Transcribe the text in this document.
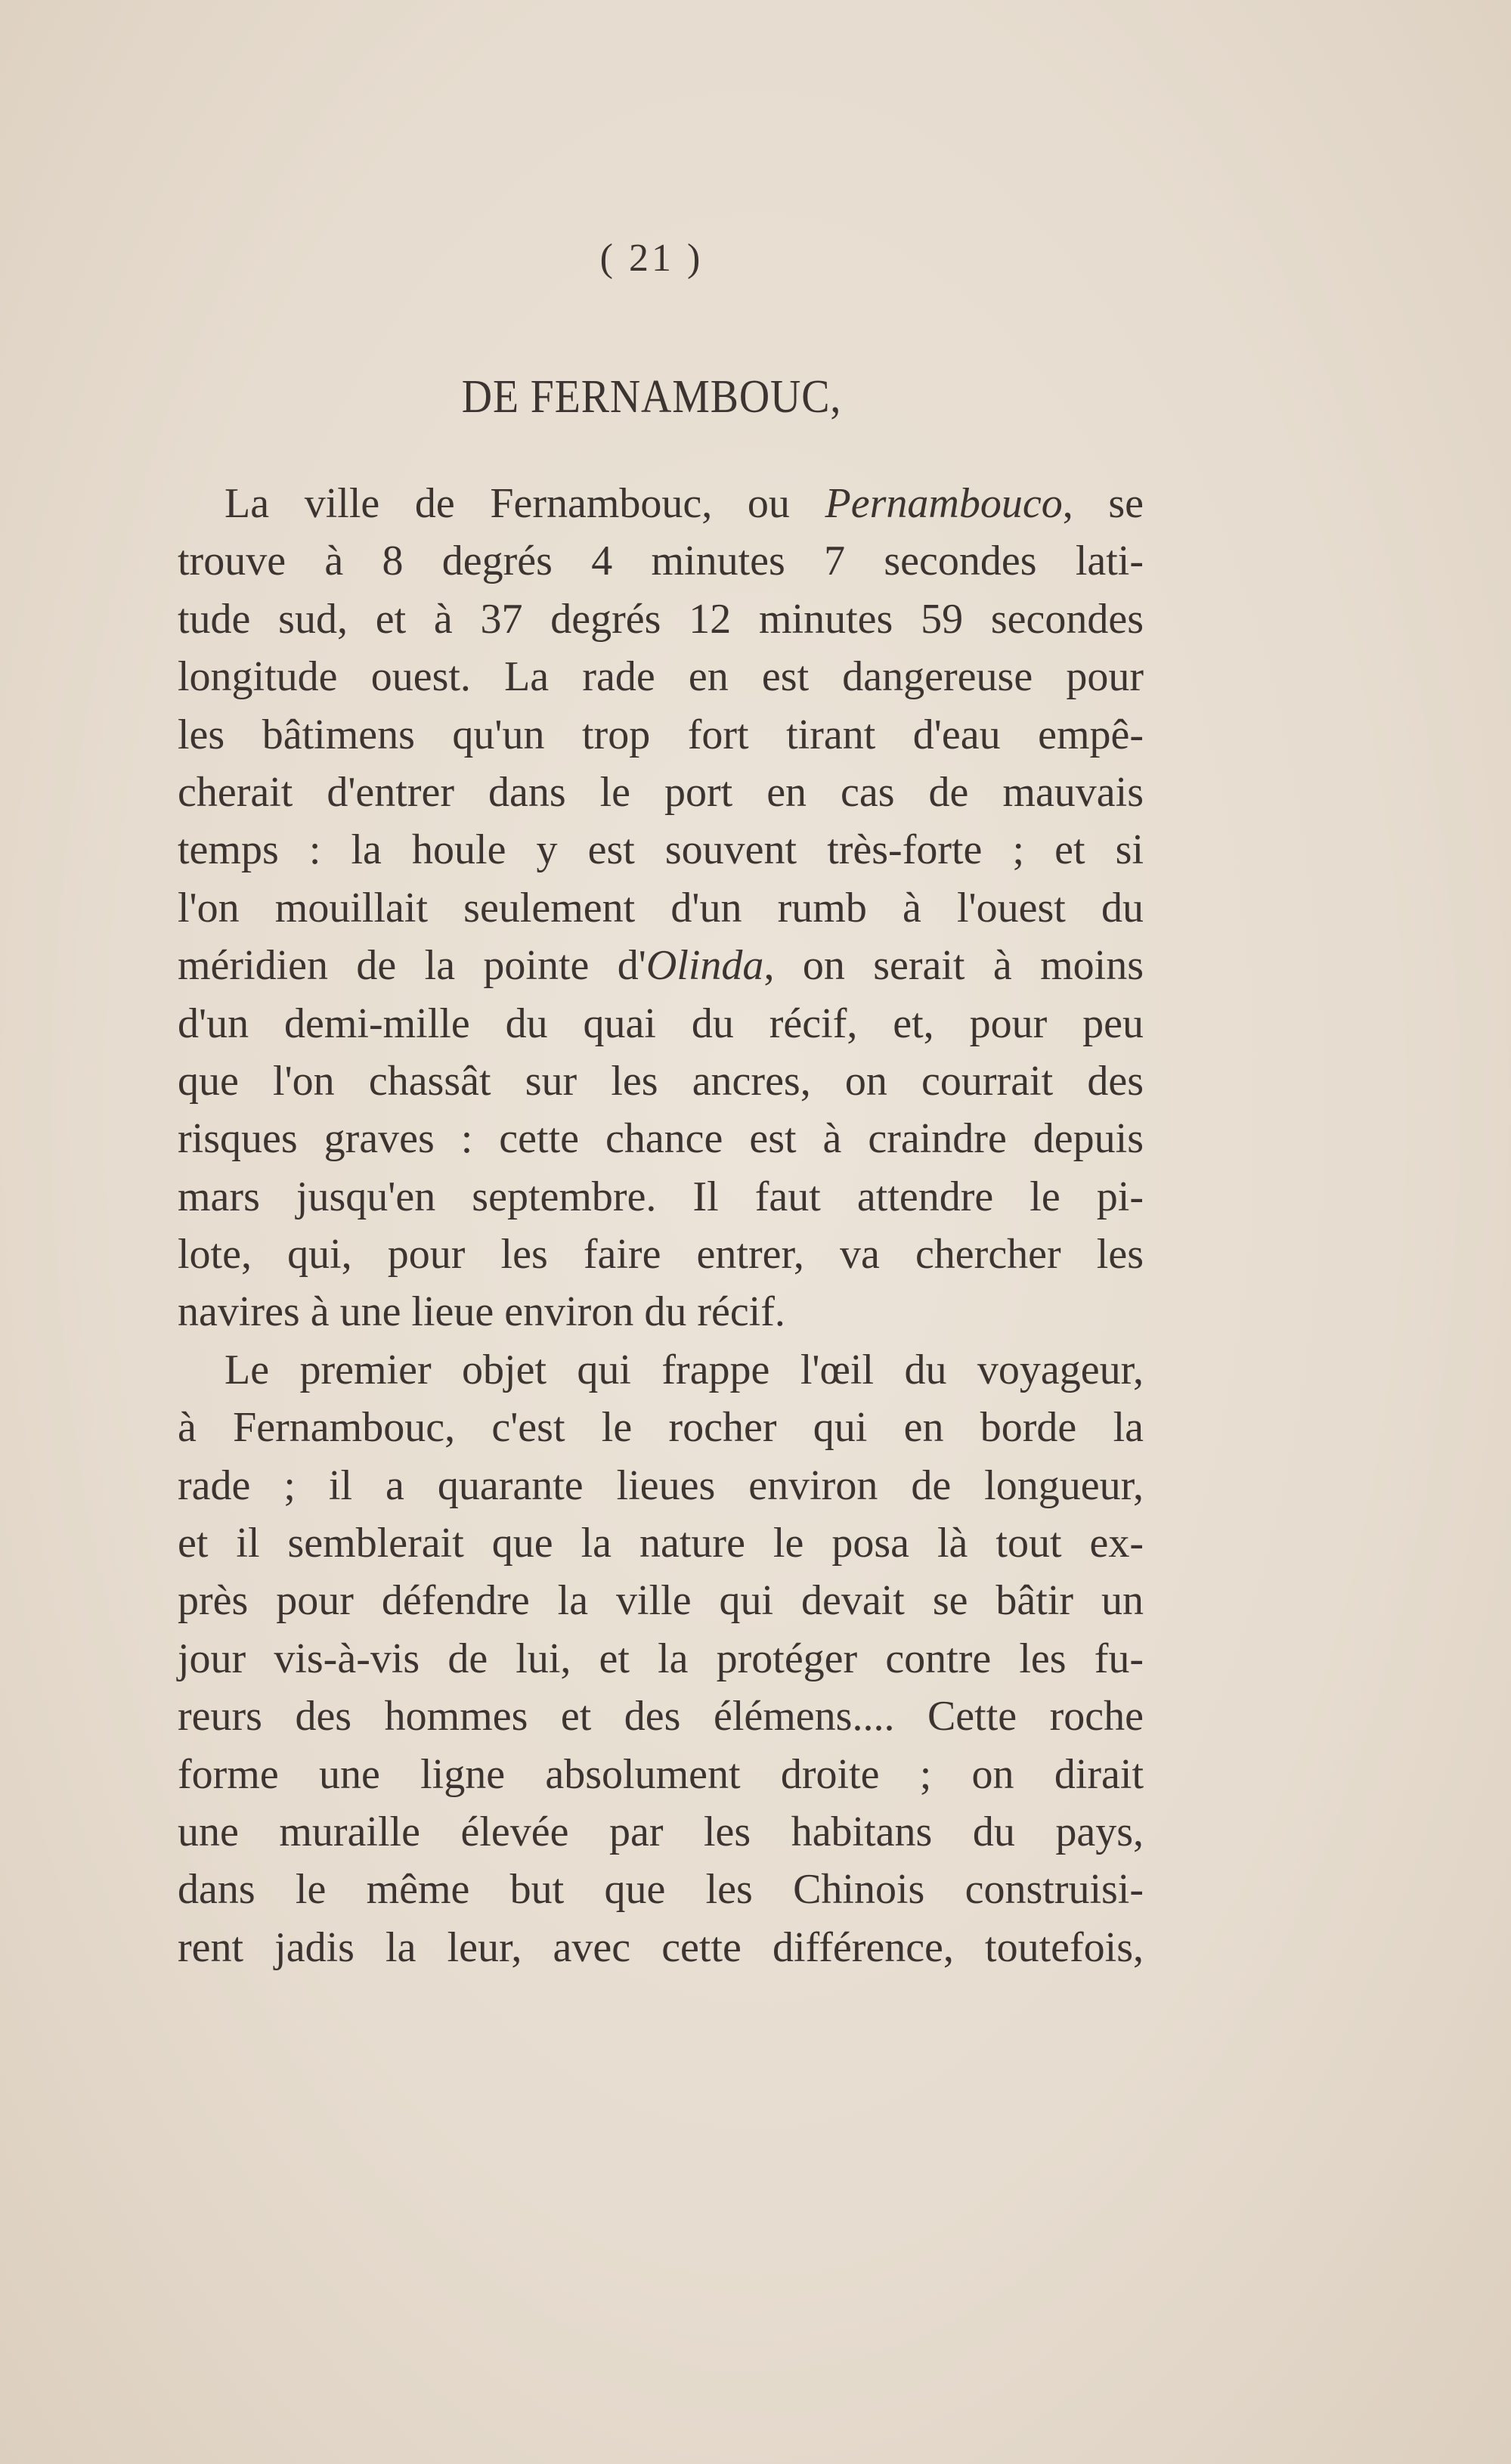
( 21 )
DE FERNAMBOUC,
La ville de Fernambouc, ou Pernambouco, se
trouve à 8 degrés 4 minutes 7 secondes lati-
tude sud, et à 37 degrés 12 minutes 59 secondes
longitude ouest. La rade en est dangereuse pour
les bâtimens qu'un trop fort tirant d'eau empê-
cherait d'entrer dans le port en cas de mauvais
temps : la houle y est souvent très-forte ; et si
l'on mouillait seulement d'un rumb à l'ouest du
méridien de la pointe d'Olinda, on serait à moins
d'un demi-mille du quai du récif, et, pour peu
que l'on chassât sur les ancres, on courrait des
risques graves : cette chance est à craindre depuis
mars jusqu'en septembre. Il faut attendre le pi-
lote, qui, pour les faire entrer, va chercher les
navires à une lieue environ du récif.
Le premier objet qui frappe l'œil du voyageur,
à Fernambouc, c'est le rocher qui en borde la
rade ; il a quarante lieues environ de longueur,
et il semblerait que la nature le posa là tout ex-
près pour défendre la ville qui devait se bâtir un
jour vis-à-vis de lui, et la protéger contre les fu-
reurs des hommes et des élémens.... Cette roche
forme une ligne absolument droite ; on dirait
une muraille élevée par les habitans du pays,
dans le même but que les Chinois construisi-
rent jadis la leur, avec cette différence, toutefois,
